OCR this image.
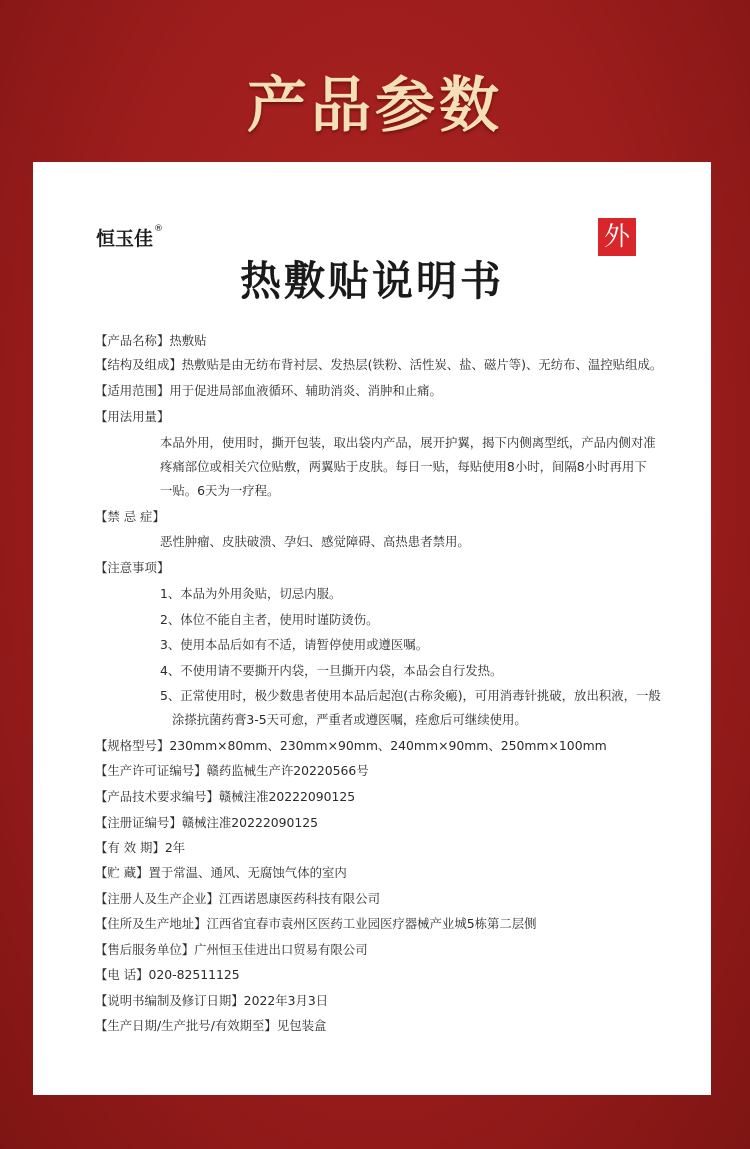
产品参数
恒玉佳®	外
热敷贴说明书
【产品名称】热敷贴
【结构及组成】热敷贴是由无纺布背衬层、发热层(铁粉、活性炭、盐、磁片等)、无纺布、温控贴组成。
【适用范围】用于促进局部血液循环、辅助消炎、消肿和止痛。
【用法用量】
本品外用，使用时，撕开包装，取出袋内产品，展开护翼，揭下内侧离型纸，产品内侧对准
疼痛部位或相关穴位贴敷，两翼贴于皮肤。每日一贴，每贴使用8小时，间隔8小时再用下
一贴。6天为一疗程。
【禁 忌 症】
恶性肿瘤、皮肤破溃、孕妇、感觉障碍、高热患者禁用。
【注意事项】
1、本品为外用灸贴，切忌内服。
2、体位不能自主者，使用时谨防烫伤。
3、使用本品后如有不适，请暂停使用或遵医嘱。
4、不使用请不要撕开内袋，一旦撕开内袋，本品会自行发热。
5、正常使用时，极少数患者使用本品后起泡(古称灸瘢)，可用消毒针挑破，放出积液，一般
涂搽抗菌药膏3-5天可愈，严重者或遵医嘱，痊愈后可继续使用。
【规格型号】230mm×80mm、230mm×90mm、240mm×90mm、250mm×100mm
【生产许可证编号】赣药监械生产许20220566号
【产品技术要求编号】赣械注准20222090125
【注册证编号】赣械注准20222090125
【有 效 期】2年
【贮 藏】置于常温、通风、无腐蚀气体的室内
【注册人及生产企业】江西诺恩康医药科技有限公司
【住所及生产地址】江西省宜春市袁州区医药工业园医疗器械产业城5栋第二层侧
【售后服务单位】广州恒玉佳进出口贸易有限公司
【电 话】020-82511125
【说明书编制及修订日期】2022年3月3日
【生产日期/生产批号/有效期至】见包装盒
